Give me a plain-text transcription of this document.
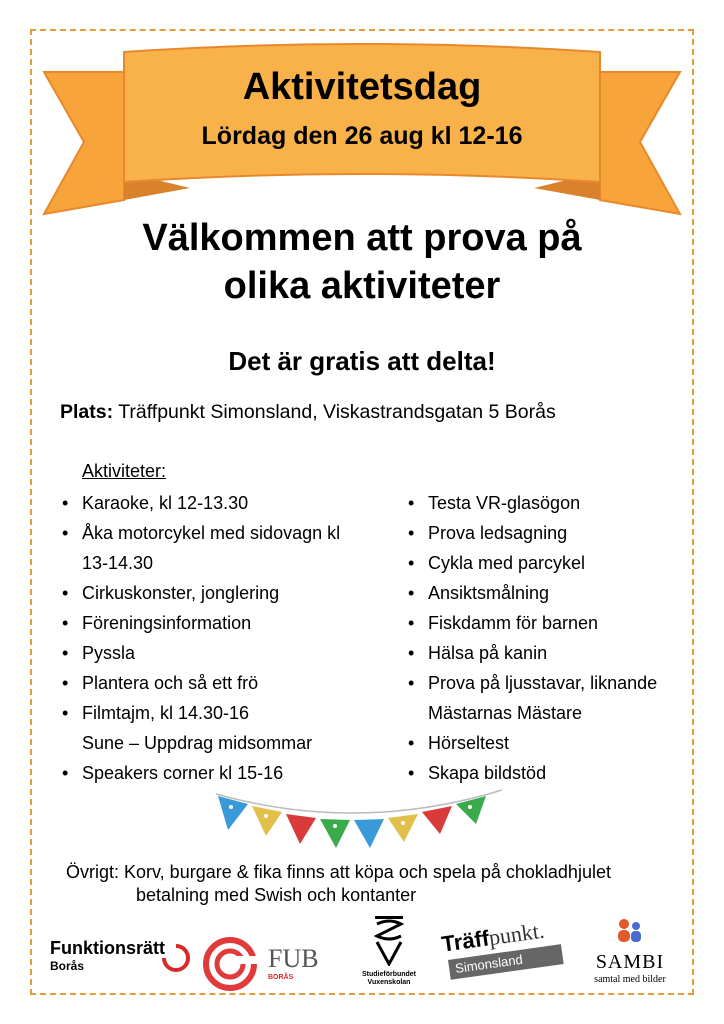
Aktivitetsdag
Lördag den 26 aug kl 12-16
Välkommen att prova på
olika aktiviteter
Det är gratis att delta!
Plats: Träffpunkt Simonsland, Viskastrandsgatan 5 Borås
Aktiviteter:
• Karaoke, kl 12-13.30
• Åka motorcykel med sidovagn kl
13-14.30
• Cirkuskonster, jonglering
• Föreningsinformation
• Pyssla
• Plantera och så ett frö
• Filmtajm, kl 14.30-16
Sune – Uppdrag midsommar
• Speakers corner kl 15-16
• Testa VR-glasögon
• Prova ledsagning
• Cykla med parcykel
• Ansiktsmålning
• Fiskdamm för barnen
• Hälsa på kanin
• Prova på ljusstavar, liknande
Mästarnas Mästare
• Hörseltest
• Skapa bildstöd
Övrigt: Korv, burgare & fika finns att köpa och spela på chokladhjulet
betalning med Swish och kontanter
Funktionsrätt
Borås	FUB
BORÅS	Studieförbundet
Vuxenskolan
Träffpunkt.
Simonsland	SAMBI
samtal med bilder
